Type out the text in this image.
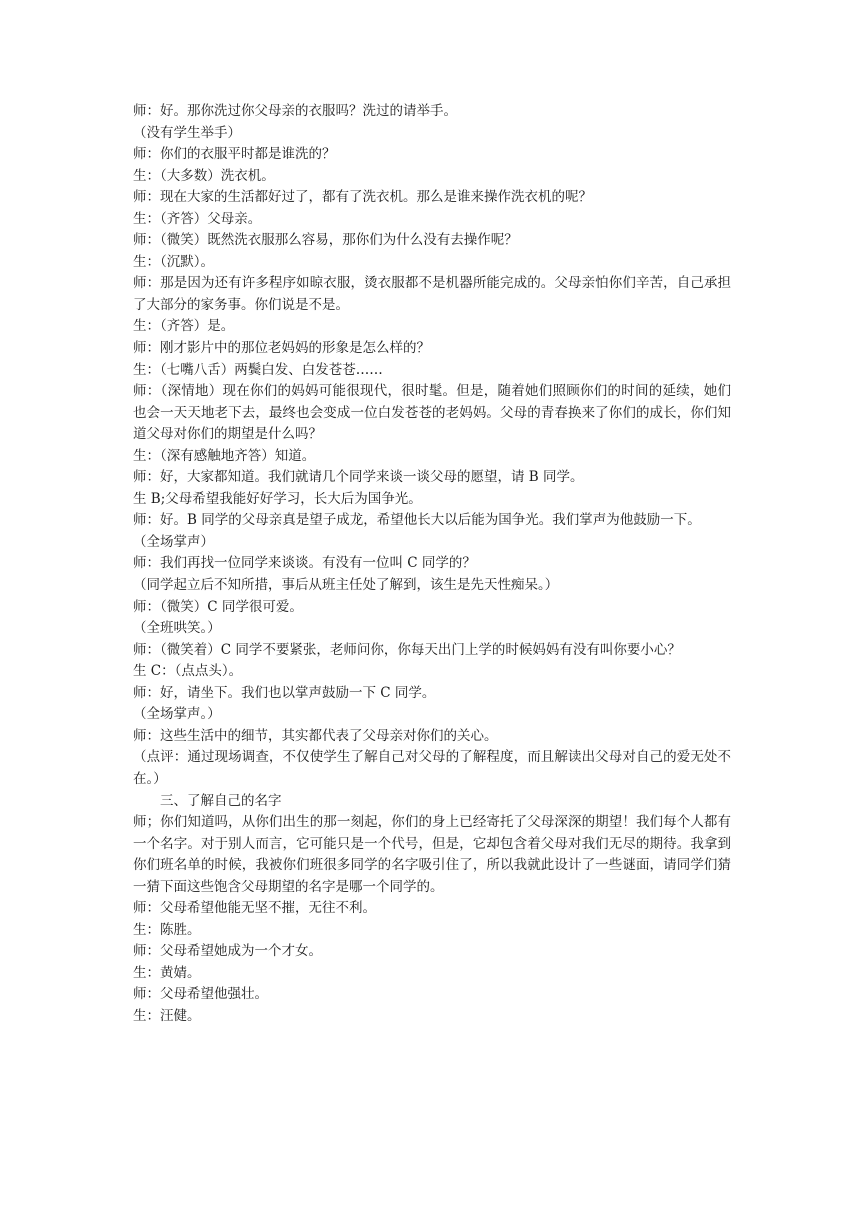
师：好。那你洗过你父母亲的衣服吗？洗过的请举手。

（没有学生举手）

师：你们的衣服平时都是谁洗的？

生：（大多数）洗衣机。

师：现在大家的生活都好过了，都有了洗衣机。那么是谁来操作洗衣机的呢？

生：（齐答）父母亲。

师：（微笑）既然洗衣服那么容易，那你们为什么没有去操作呢？

生：（沉默）。

师：那是因为还有许多程序如晾衣服，烫衣服都不是机器所能完成的。父母亲怕你们辛苦，自己承担了大部分的家务事。你们说是不是。

生：（齐答）是。

师：刚才影片中的那位老妈妈的形象是怎么样的？

生：（七嘴八舌）两鬓白发、白发苍苍……

师：（深情地）现在你们的妈妈可能很现代，很时髦。但是，随着她们照顾你们的时间的延续，她们也会一天天地老下去，最终也会变成一位白发苍苍的老妈妈。父母的青春换来了你们的成长，你们知道父母对你们的期望是什么吗？

生：（深有感触地齐答）知道。

师：好，大家都知道。我们就请几个同学来谈一谈父母的愿望，请 B 同学。

生 B;父母希望我能好好学习，长大后为国争光。

师：好。B 同学的父母亲真是望子成龙，希望他长大以后能为国争光。我们掌声为他鼓励一下。

（全场掌声）

师：我们再找一位同学来谈谈。有没有一位叫 C 同学的？

（同学起立后不知所措，事后从班主任处了解到，该生是先天性痴呆。）

师：（微笑）C 同学很可爱。

（全班哄笑。）

师：（微笑着）C 同学不要紧张，老师问你，你每天出门上学的时候妈妈有没有叫你要小心？

生 C：（点点头）。

师：好，请坐下。我们也以掌声鼓励一下 C 同学。

（全场掌声。）

师：这些生活中的细节，其实都代表了父母亲对你们的关心。

（点评：通过现场调查，不仅使学生了解自己对父母的了解程度，而且解读出父母对自己的爱无处不在。）

三、了解自己的名字

师；你们知道吗，从你们出生的那一刻起，你们的身上已经寄托了父母深深的期望！我们每个人都有一个名字。对于别人而言，它可能只是一个代号，但是，它却包含着父母对我们无尽的期待。我拿到你们班名单的时候，我被你们班很多同学的名字吸引住了，所以我就此设计了一些谜面，请同学们猜一猜下面这些饱含父母期望的名字是哪一个同学的。

师：父母希望他能无坚不摧，无往不利。

生：陈胜。

师：父母希望她成为一个才女。

生：黄婧。

师：父母希望他强壮。

生：汪健。
